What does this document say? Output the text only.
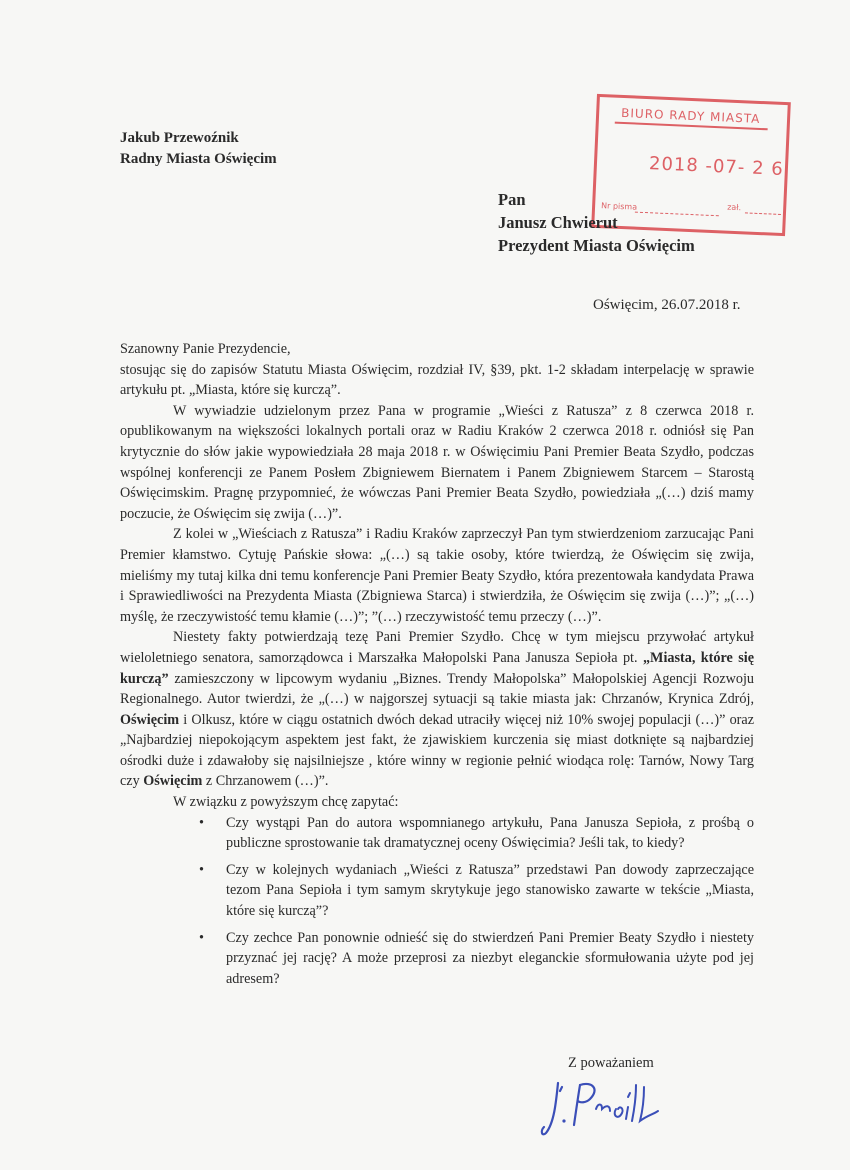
Jakub Przewoźnik
Radny Miasta Oświęcim
BIURO RADY MIASTA
2018 -07- 2 6
Nr pisma	zał.
Pan
Janusz Chwierut
Prezydent Miasta Oświęcim
Oświęcim, 26.07.2018 r.

Szanowny Panie Prezydencie,

stosując się do zapisów Statutu Miasta Oświęcim, rozdział IV, §39, pkt. 1-2 składam interpelację w sprawie artykułu pt. „Miasta, które się kurczą”.

W wywiadzie udzielonym przez Pana w programie „Wieści z Ratusza” z 8 czerwca 2018 r. opublikowanym na większości lokalnych portali oraz w Radiu Kraków 2 czerwca 2018 r. odniósł się Pan krytycznie do słów jakie wypowiedziała 28 maja 2018 r. w Oświęcimiu Pani Premier Beata Szydło, podczas wspólnej konferencji ze Panem Posłem Zbigniewem Biernatem i Panem Zbigniewem Starcem – Starostą Oświęcimskim. Pragnę przypomnieć, że wówczas Pani Premier Beata Szydło, powiedziała „(…) dziś mamy poczucie, że Oświęcim się zwija (…)”.

Z kolei w „Wieściach z Ratusza” i Radiu Kraków zaprzeczył Pan tym stwierdzeniom zarzucając Pani Premier kłamstwo. Cytuję Pańskie słowa: „(…) są takie osoby, które twierdzą, że Oświęcim się zwija, mieliśmy my tutaj kilka dni temu konferencje Pani Premier Beaty Szydło, która prezentowała kandydata Prawa i Sprawiedliwości na Prezydenta Miasta (Zbigniewa Starca) i stwierdziła, że Oświęcim się zwija (…)”; „(…) myślę, że rzeczywistość temu kłamie (…)”; ”(…) rzeczywistość temu przeczy (…)”.

Niestety fakty potwierdzają tezę Pani Premier Szydło. Chcę w tym miejscu przywołać artykuł wieloletniego senatora, samorządowca i Marszałka Małopolski Pana Janusza Sepioła pt. „Miasta, które się kurczą” zamieszczony w lipcowym wydaniu „Biznes. Trendy Małopolska” Małopolskiej Agencji Rozwoju Regionalnego. Autor twierdzi, że „(…) w najgorszej sytuacji są takie miasta jak: Chrzanów, Krynica Zdrój, Oświęcim i Olkusz, które w ciągu ostatnich dwóch dekad utraciły więcej niż 10% swojej populacji (…)” oraz „Najbardziej niepokojącym aspektem jest fakt, że zjawiskiem kurczenia się miast dotknięte są najbardziej ośrodki duże i zdawałoby się najsilniejsze , które winny w regionie pełnić wiodąca rolę: Tarnów, Nowy Targ czy Oświęcim z Chrzanowem (…)”.

W związku z powyższym chcę zapytać:

• Czy wystąpi Pan do autora wspomnianego artykułu, Pana Janusza Sepioła, z prośbą o publiczne sprostowanie tak dramatycznej oceny Oświęcimia? Jeśli tak, to kiedy?
• Czy w kolejnych wydaniach „Wieści z Ratusza” przedstawi Pan dowody zaprzeczające tezom Pana Sepioła i tym samym skrytykuje jego stanowisko zawarte w tekście „Miasta, które się kurczą”?
• Czy zechce Pan ponownie odnieść się do stwierdzeń Pani Premier Beaty Szydło i niestety przyznać jej rację? A może przeprosi za niezbyt eleganckie sformułowania użyte pod jej adresem?
Z poważaniem
